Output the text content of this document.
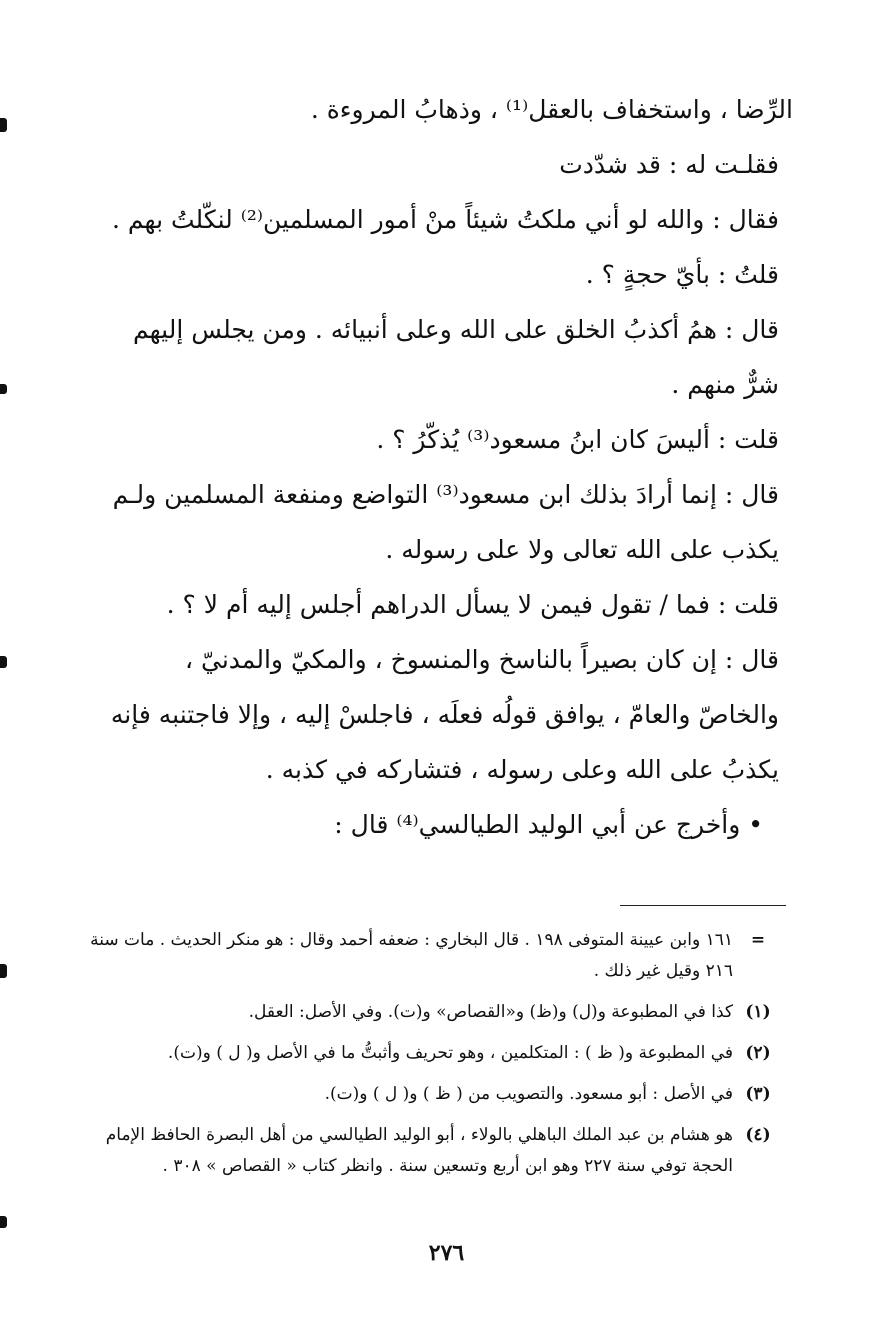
الرِّضا ، واستخفاف بالعقل⁽¹⁾ ، وذهابُ المروءة .

فقلـت له : قد شدّدت

فقال : والله لو أني ملكتُ شيئاً منْ أمور المسلمين⁽²⁾ لنكّلتُ بهم .

قلتُ : بأيّ حجةٍ ؟ .

قال : همُ أكذبُ الخلق على الله وعلى أنبيائه . ومن يجلس إليهم شرٌّ منهم .

قلت : أليسَ كان ابنُ مسعود⁽³⁾ يُذكّرُ ؟ .

قال : إنما أرادَ بذلك ابن مسعود⁽³⁾ التواضع ومنفعة المسلمين ولـم يكذب على الله تعالى ولا على رسوله .

قلت : فما / تقول فيمن لا يسأل الدراهم أجلس إليه أم لا ؟ .

قال : إن كان بصيراً بالناسخ والمنسوخ ، والمكيّ والمدنيّ ، والخاصّ والعامّ ، يوافق قولُه فعلَه ، فاجلسْ إليه ، وإلا فاجتنبه فإنه يكذبُ على الله وعلى رسوله ، فتشاركه في كذبه .

• وأخرج عن أبي الوليد الطيالسي⁽⁴⁾ قال :

=
١٦١ وابن عيينة المتوفى ١٩٨ . قال البخاري : ضعفه أحمد وقال : هو منكر الحديث . مات سنة ٢١٦ وقيل غير ذلك .
(١)
كذا في المطبوعة و(ل) و(ظ) و«القصاص» و(ت). وفي الأصل: العقل.
(٢)
في المطبوعة و( ظ ) : المتكلمين ، وهو تحريف وأثبتُّ ما في الأصل و( ل ) و(ت).
(٣)
في الأصل : أبو مسعود. والتصويب من ( ظ ) و( ل ) و(ت).
(٤)
هو هشام بن عبد الملك الباهلي بالولاء ، أبو الوليد الطيالسي من أهل البصرة الحافظ الإمام الحجة توفي سنة ٢٢٧ وهو ابن أربع وتسعين سنة . وانظر كتاب « القصاص » ٣٠٨ .
٢٧٦
